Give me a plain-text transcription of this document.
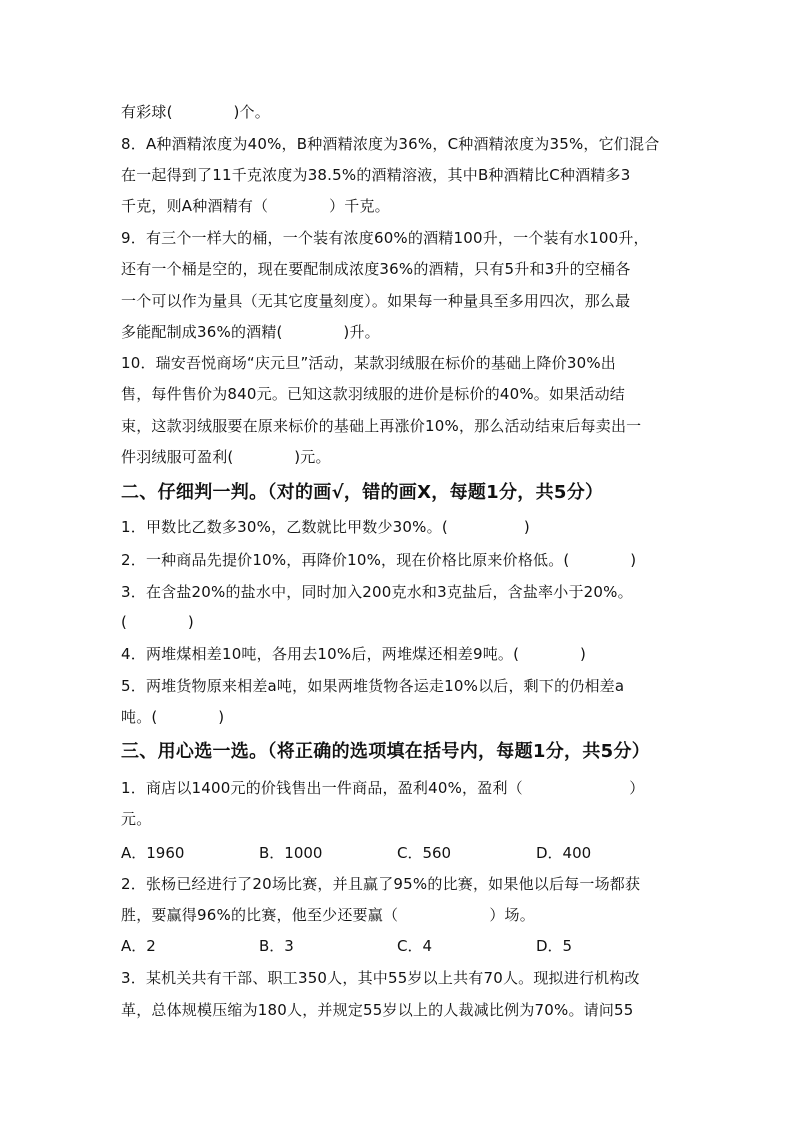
有彩球(　　　　)个。
8．A种酒精浓度为40%，B种酒精浓度为36%，C种酒精浓度为35%，它们混合
在一起得到了11千克浓度为38.5%的酒精溶液，其中B种酒精比C种酒精多3
千克，则A种酒精有（　　　　）千克。
9．有三个一样大的桶，一个装有浓度60%的酒精100升，一个装有水100升，
还有一个桶是空的，现在要配制成浓度36%的酒精，只有5升和3升的空桶各
一个可以作为量具（无其它度量刻度）。如果每一种量具至多用四次，那么最
多能配制成36%的酒精(　　　　)升。
10．瑞安吾悦商场“庆元旦”活动，某款羽绒服在标价的基础上降价30%出
售，每件售价为840元。已知这款羽绒服的进价是标价的40%。如果活动结
束，这款羽绒服要在原来标价的基础上再涨价10%，那么活动结束后每卖出一
件羽绒服可盈利(　　　　)元。
二、仔细判一判。（对的画√，错的画X，每题1分，共5分）
1．甲数比乙数多30%，乙数就比甲数少30%。(　　　　　)
2．一种商品先提价10%，再降价10%，现在价格比原来价格低。(　　　　)
3．在含盐20%的盐水中，同时加入200克水和3克盐后，含盐率小于20%。
(　　　　)
4．两堆煤相差10吨，各用去10%后，两堆煤还相差9吨。(　　　　)
5．两堆货物原来相差a吨，如果两堆货物各运走10%以后，剩下的仍相差a
吨。(　　　　)
三、用心选一选。（将正确的选项填在括号内，每题1分，共5分）
1．商店以1400元的价钱售出一件商品，盈利40%，盈利（　　　　　　　）
元。
A．1960	B．1000	C．560	D．400
2．张杨已经进行了20场比赛，并且赢了95%的比赛，如果他以后每一场都获
胜，要赢得96%的比赛，他至少还要赢（　　　　　　）场。
A．2	B．3	C．4	D．5
3．某机关共有干部、职工350人，其中55岁以上共有70人。现拟进行机构改
革，总体规模压缩为180人，并规定55岁以上的人裁减比例为70%。请问55
